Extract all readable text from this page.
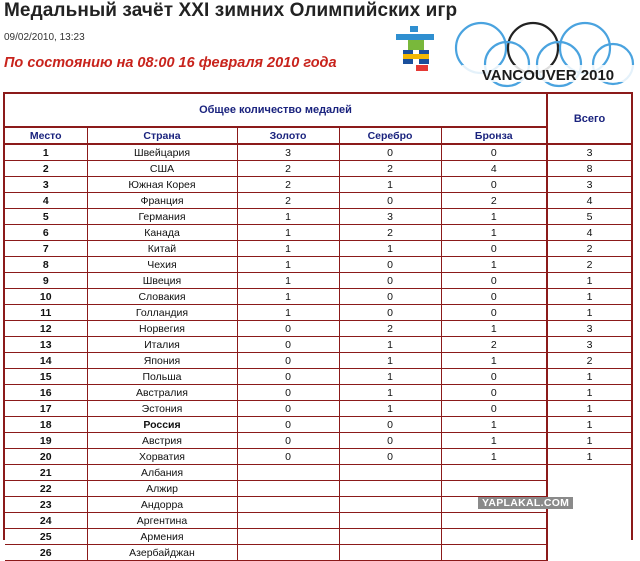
Медальный зачёт XXI зимних Олимпийских игр
09/02/2010, 13:23
По состоянию на 08:00 16 февраля 2010 года
VANCOUVER 2010
Общее количество медалей					Всего
Место	Страна	Золото	Серебро	Бронза	
1	Швейцария	3	0	0	3
2	США	2	2	4	8
3	Южная Корея	2	1	0	3
4	Франция	2	0	2	4
5	Германия	1	3	1	5
6	Канада	1	2	1	4
7	Китай	1	1	0	2
8	Чехия	1	0	1	2
9	Швеция	1	0	0	1
10	Словакия	1	0	0	1
11	Голландия	1	0	0	1
12	Норвегия	0	2	1	3
13	Италия	0	1	2	3
14	Япония	0	1	1	2
15	Польша	0	1	0	1
16	Австралия	0	1	0	1
17	Эстония	0	1	0	1
18	Россия	0	0	1	1
19	Австрия	0	0	1	1
20	Хорватия	0	0	1	1
21	Албания				
22	Алжир				
23	Андорра				
24	Аргентина				
25	Армения				
26	Азербайджан				
YAPLAKAL.COM
